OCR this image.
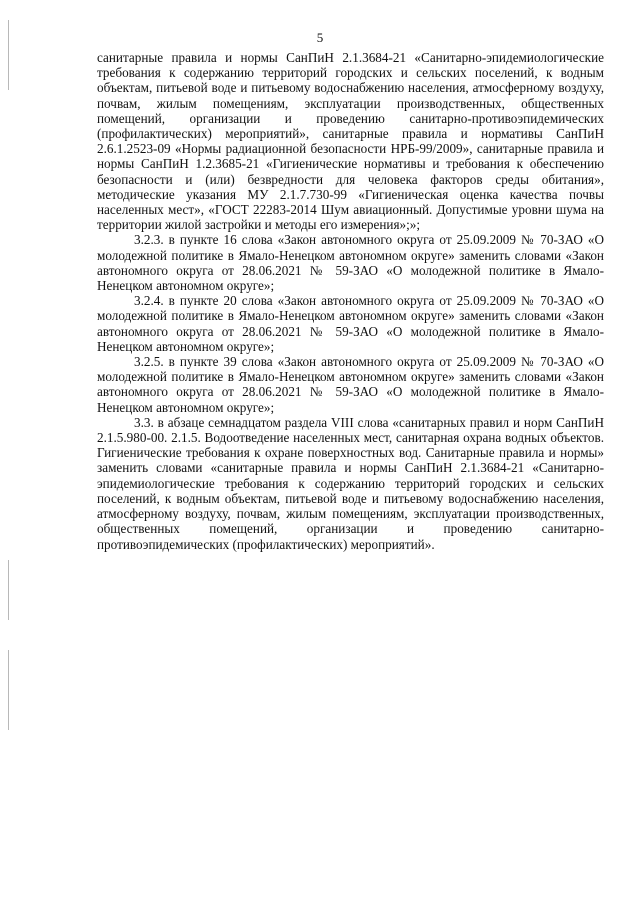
5

санитарные правила и нормы СанПиН 2.1.3684-21 «Санитарно-эпидемиологические требования к содержанию территорий городских и сельских поселений, к водным объектам, питьевой воде и питьевому водоснабжению населения, атмосферному воздуху, почвам, жилым помещениям, эксплуатации производственных, общественных помещений, организации и проведению санитарно-противоэпидемических (профилактических) мероприятий», санитарные правила и нормативы СанПиН 2.6.1.2523-09 «Нормы радиационной безопасности НРБ-99/2009», санитарные правила и нормы СанПиН 1.2.3685-21 «Гигиенические нормативы и требования к обеспечению безопасности и (или) безвредности для человека факторов среды обитания», методические указания МУ 2.1.7.730-99 «Гигиеническая оценка качества почвы населенных мест», «ГОСТ 22283-2014 Шум авиационный. Допустимые уровни шума на территории жилой застройки и методы его измерения»;»;

3.2.3. в пункте 16 слова «Закон автономного округа от 25.09.2009 № 70-ЗАО «О молодежной политике в Ямало-Ненецком автономном округе» заменить словами «Закон автономного округа от 28.06.2021 № 59-ЗАО «О молодежной политике в Ямало-Ненецком автономном округе»;

3.2.4. в пункте 20 слова «Закон автономного округа от 25.09.2009 № 70-ЗАО «О молодежной политике в Ямало-Ненецком автономном округе» заменить словами «Закон автономного округа от 28.06.2021 № 59-ЗАО «О молодежной политике в Ямало-Ненецком автономном округе»;

3.2.5. в пункте 39 слова «Закон автономного округа от 25.09.2009 № 70-ЗАО «О молодежной политике в Ямало-Ненецком автономном округе» заменить словами «Закон автономного округа от 28.06.2021 № 59-ЗАО «О молодежной политике в Ямало-Ненецком автономном округе»;

3.3. в абзаце семнадцатом раздела VIII слова «санитарных правил и норм СанПиН 2.1.5.980-00. 2.1.5. Водоотведение населенных мест, санитарная охрана водных объектов. Гигиенические требования к охране поверхностных вод. Санитарные правила и нормы» заменить словами «санитарные правила и нормы СанПиН 2.1.3684-21 «Санитарно-эпидемиологические требования к содержанию территорий городских и сельских поселений, к водным объектам, питьевой воде и питьевому водоснабжению населения, атмосферному воздуху, почвам, жилым помещениям, эксплуатации производственных, общественных помещений, организации и проведению санитарно-противоэпидемических (профилактических) мероприятий».
